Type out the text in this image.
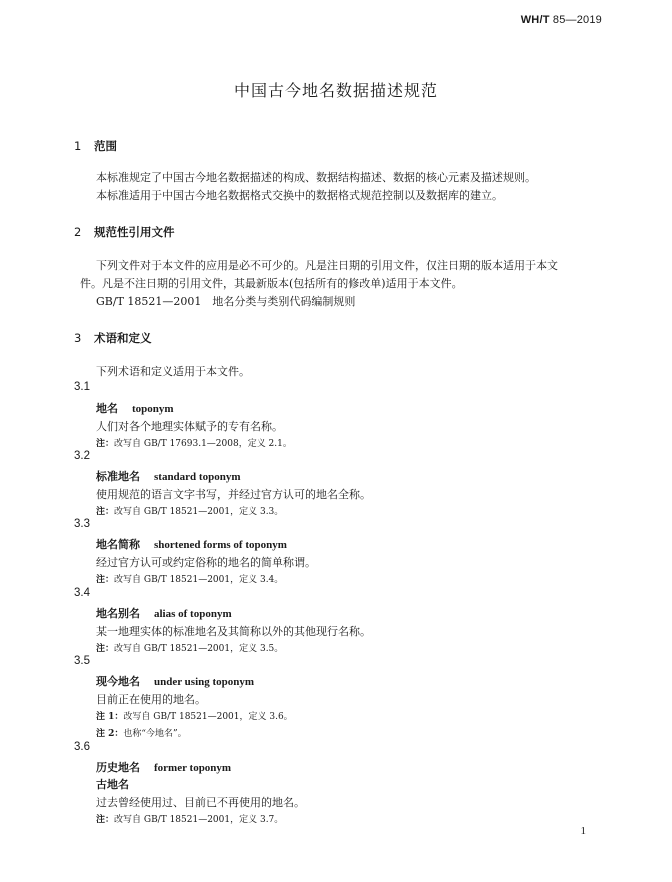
WH/T 85—2019
中国古今地名数据描述规范
1 范围
本标准规定了中国古今地名数据描述的构成、数据结构描述、数据的核心元素及描述规则。
本标准适用于中国古今地名数据格式交换中的数据格式规范控制以及数据库的建立。
2 规范性引用文件
下列文件对于本文件的应用是必不可少的。凡是注日期的引用文件，仅注日期的版本适用于本文
件。凡是不注日期的引用文件，其最新版本(包括所有的修改单)适用于本文件。
GB/T 18521—2001　地名分类与类别代码编制规则
3 术语和定义
下列术语和定义适用于本文件。
3.1
地名 toponym
人们对各个地理实体赋予的专有名称。
注：改写自 GB/T 17693.1—2008，定义 2.1。
3.2
标准地名 standard toponym
使用规范的语言文字书写，并经过官方认可的地名全称。
注：改写自 GB/T 18521—2001，定义 3.3。
3.3
地名简称 shortened forms of toponym
经过官方认可或约定俗称的地名的简单称谓。
注：改写自 GB/T 18521—2001，定义 3.4。
3.4
地名别名 alias of toponym
某一地理实体的标准地名及其简称以外的其他现行名称。
注：改写自 GB/T 18521—2001，定义 3.5。
3.5
现今地名 under using toponym
目前正在使用的地名。
注 1：改写自 GB/T 18521—2001，定义 3.6。
注 2：也称“今地名”。
3.6
历史地名 former toponym
古地名
过去曾经使用过、目前已不再使用的地名。
注：改写自 GB/T 18521—2001，定义 3.7。
1
